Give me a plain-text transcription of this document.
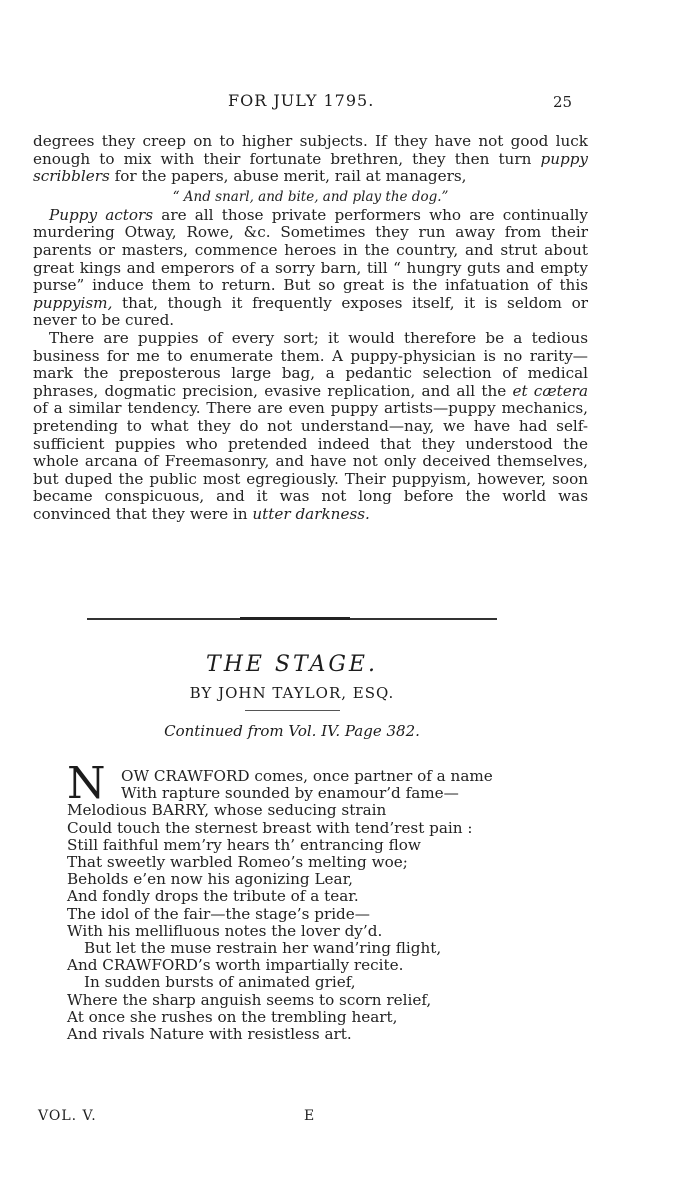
FOR JULY 1795.	25

degrees they creep on to higher subjects. If they have not good luck enough to mix with their fortunate brethren, they then turn puppy scribblers for the papers, abuse merit, rail at managers,

“ And snarl, and bite, and play the dog.”

Puppy actors are all those private performers who are continually murdering Otway, Rowe, &c. Sometimes they run away from their parents or masters, commence heroes in the country, and strut about great kings and emperors of a sorry barn, till “ hungry guts and empty purse” induce them to return. But so great is the infatuation of this puppyism, that, though it frequently exposes itself, it is seldom or never to be cured.

There are puppies of every sort; it would therefore be a tedious business for me to enumerate them. A puppy-physician is no rarity—mark the preposterous large bag, a pedantic selection of medical phrases, dogmatic precision, evasive replication, and all the et cætera of a similar tendency. There are even puppy artists—puppy mechanics, pretending to what they do not understand—nay, we have had self-sufficient puppies who pretended indeed that they understood the whole arcana of Freemasonry, and have not only deceived themselves, but duped the public most egregiously. Their puppyism, however, soon became conspicuous, and it was not long before the world was convinced that they were in utter darkness.

THE STAGE.
BY JOHN TAYLOR, ESQ.
Continued from Vol. IV. Page 382.
N	OW CRAWFORD comes, once partner of a name
With rapture sounded by enamour’d fame—
Melodious BARRY, whose seducing strain
Could touch the sternest breast with tend’rest pain :
Still faithful mem’ry hears th’ entrancing flow
That sweetly warbled Romeo’s melting woe;
Beholds e’en now his agonizing Lear,
And fondly drops the tribute of a tear.
The idol of the fair—the stage’s pride—
With his mellifluous notes the lover dy’d.
But let the muse restrain her wand’ring flight,
And CRAWFORD’s worth impartially recite.
In sudden bursts of animated grief,
Where the sharp anguish seems to scorn relief,
At once she rushes on the trembling heart,
And rivals Nature with resistless art.
VOL. V.	E
